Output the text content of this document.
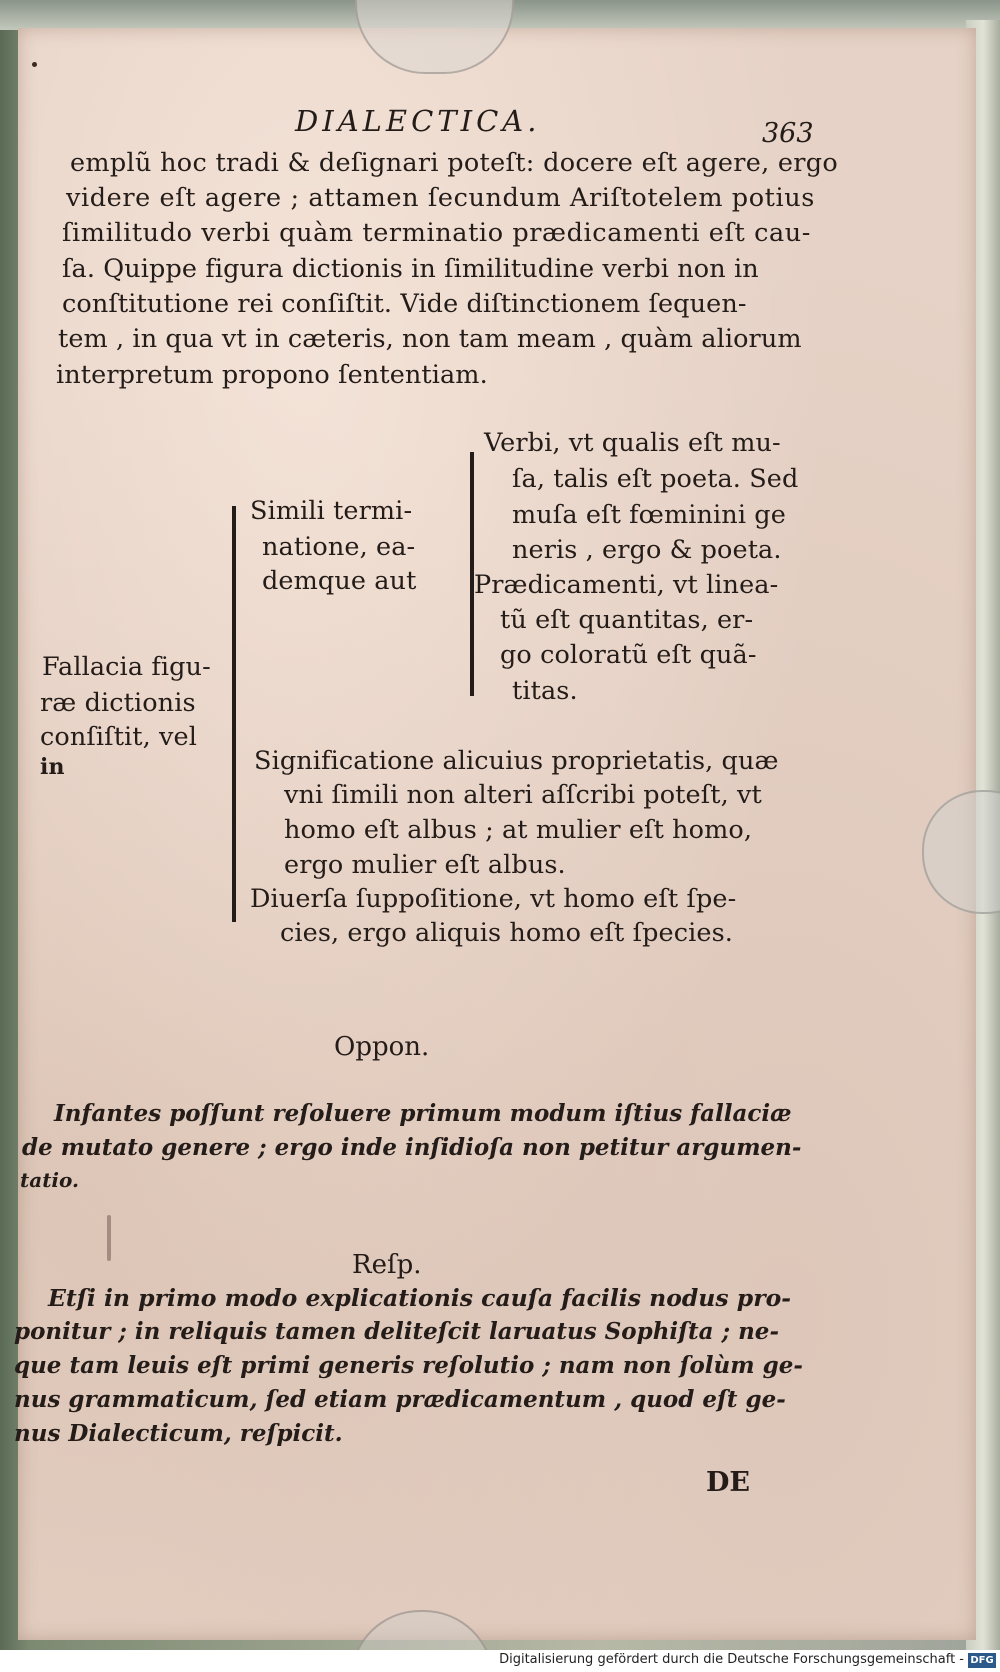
DIALECTICA.	363
emplũ hoc tradi & deſignari poteſt: docere eſt agere, ergo
videre eſt agere ; attamen ſecundum Ariſtotelem potius
ſimilitudo verbi quàm terminatio prædicamenti eſt cau-
ſa. Quippe figura dictionis in ſimilitudine verbi non in
conſtitutione rei conſiſtit. Vide diſtinctionem ſequen-
tem , in qua vt in cæteris, non tam meam , quàm aliorum
interpretum propono ſententiam.
Fallacia figu-
ræ dictionis
conſiſtit, vel
in
Simili termi-
natione, ea-
demque aut
Verbi, vt qualis eſt mu-
ſa, talis eſt poeta. Sed
muſa eſt fœminini ge
neris , ergo & poeta.
Prædicamenti, vt linea-
tũ eſt quantitas, er-
go coloratũ eſt quã-
titas.
Significatione alicuius proprietatis, quæ
vni ſimili non alteri aſſcribi poteſt, vt
homo eſt albus ; at mulier eſt homo,
ergo mulier eſt albus.
Diuerſa ſuppoſitione, vt homo eſt ſpe-
cies, ergo aliquis homo eſt ſpecies.
Oppon.
Infantes poſſunt reſoluere primum modum iſtius fallaciæ
de mutato genere ; ergo inde inſidioſa non petitur argumen-
tatio.
Reſp.
Etſi in primo modo explicationis cauſa facilis nodus pro-
ponitur ; in reliquis tamen deliteſcit laruatus Sophiſta ; ne-
que tam leuis eſt primi generis reſolutio ; nam non ſolùm ge-
nus grammaticum, ſed etiam prædicamentum , quod eſt ge-
nus Dialecticum, reſpicit.
DE
Digitalisierung gefördert durch die Deutsche Forschungsgemeinschaft - DFG
